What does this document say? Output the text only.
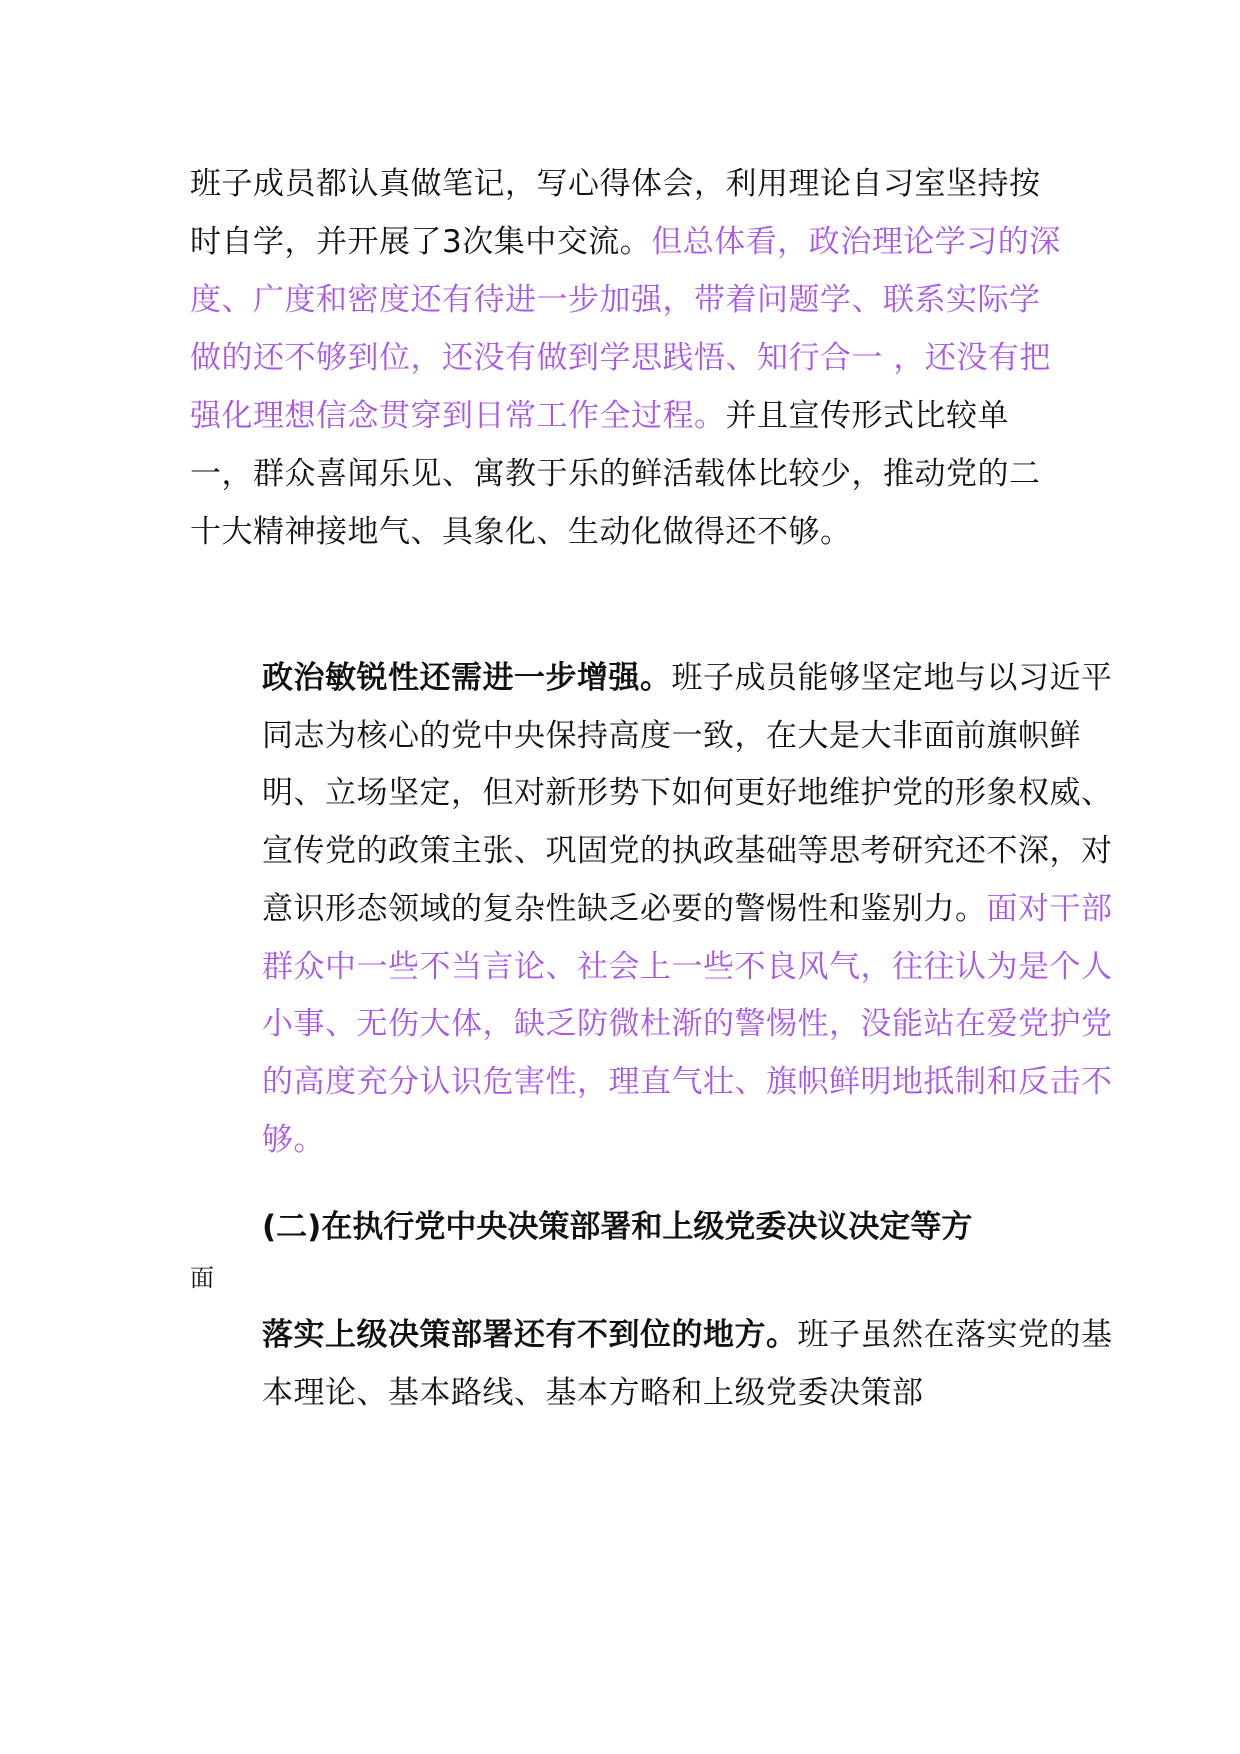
班子成员都认真做笔记，写心得体会，利用理论自习室坚持按时自学，并开展了3次集中交流。但总体看，政治理论学习的深度、广度和密度还有待进一步加强，带着问题学、联系实际学做的还不够到位，还没有做到学思践悟、知行合一 ，还没有把强化理想信念贯穿到日常工作全过程。并且宣传形式比较单一，群众喜闻乐见、寓教于乐的鲜活载体比较少，推动党的二十大精神接地气、具象化、生动化做得还不够。

政治敏锐性还需进一步增强。班子成员能够坚定地与以习近平同志为核心的党中央保持高度一致，在大是大非面前旗帜鲜明、立场坚定，但对新形势下如何更好地维护党的形象权威、宣传党的政策主张、巩固党的执政基础等思考研究还不深，对意识形态领域的复杂性缺乏必要的警惕性和鉴别力。面对干部群众中一些不当言论、社会上一些不良风气，往往认为是个人小事、无伤大体，缺乏防微杜渐的警惕性，没能站在爱党护党的高度充分认识危害性，理直气壮、旗帜鲜明地抵制和反击不够。

(二)在执行党中央决策部署和上级党委决议决定等方

面

落实上级决策部署还有不到位的地方。班子虽然在落实党的基本理论、基本路线、基本方略和上级党委决策部
